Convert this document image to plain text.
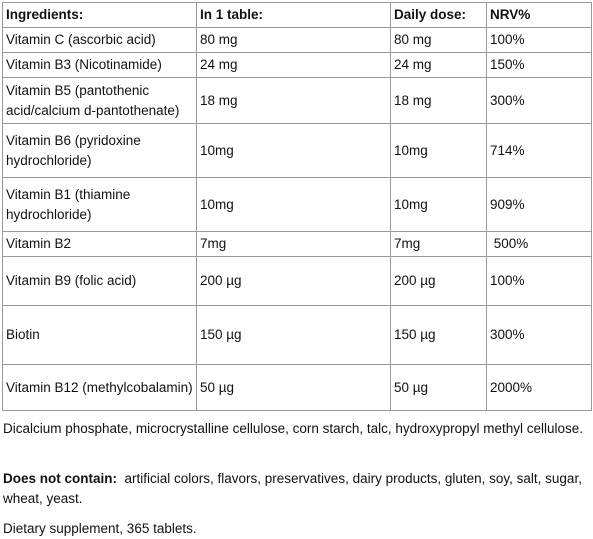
Ingredients:	In 1 table:	Daily dose:	NRV%
Vitamin C (ascorbic acid)	80 mg	80 mg	100%
Vitamin B3 (Nicotinamide)	24 mg	24 mg	150%
Vitamin B5 (pantothenic acid/calcium d-pantothenate)	18 mg	18 mg	300%
Vitamin B6 (pyridoxine hydrochloride)	10mg	10mg	714%
Vitamin B1 (thiamine hydrochloride)	10mg	10mg	909%
Vitamin B2	7mg	7mg	500%
Vitamin B9 (folic acid)	200 µg	200 µg	100%
Biotin	150 µg	150 µg	300%
Vitamin B12 (methylcobalamin)	50 µg	50 µg	2000%

Dicalcium phosphate, microcrystalline cellulose, corn starch, talc, hydroxypropyl methyl cellulose.

Does not contain:  artificial colors, flavors, preservatives, dairy products, gluten, soy, salt, sugar, wheat, yeast.

Dietary supplement, 365 tablets.
